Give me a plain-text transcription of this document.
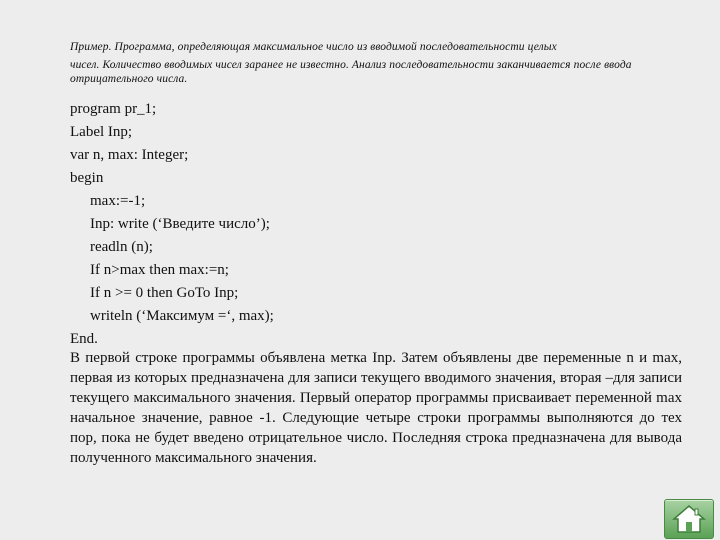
Пример. Программа, определяющая максимальное число из вводимой последовательности целых
чисел. Количество вводимых чисел заранее не известно. Анализ последовательности заканчивается после ввода отрицательного числа.

program pr_1;
Label Inp;
var n, max: Integer;
begin
max:=-1;
Inp: write (‘Введите число’);
readln (n);
If n>max then max:=n;
If n >= 0 then GoTo Inp;
writeln (‘Максимум =‘, max);
End.

В первой строке программы объявлена метка Inp. Затем объявлены две переменные n и max, первая из которых предназначена для записи текущего вводимого значения, вторая –для записи текущего максимального значения. Первый оператор программы присваивает переменной max начальное значение, равное -1. Следующие четыре строки программы выполняются до тех пор, пока не будет введено отрицательное число. Последняя строка предназначена для вывода полученного максимального значения.
